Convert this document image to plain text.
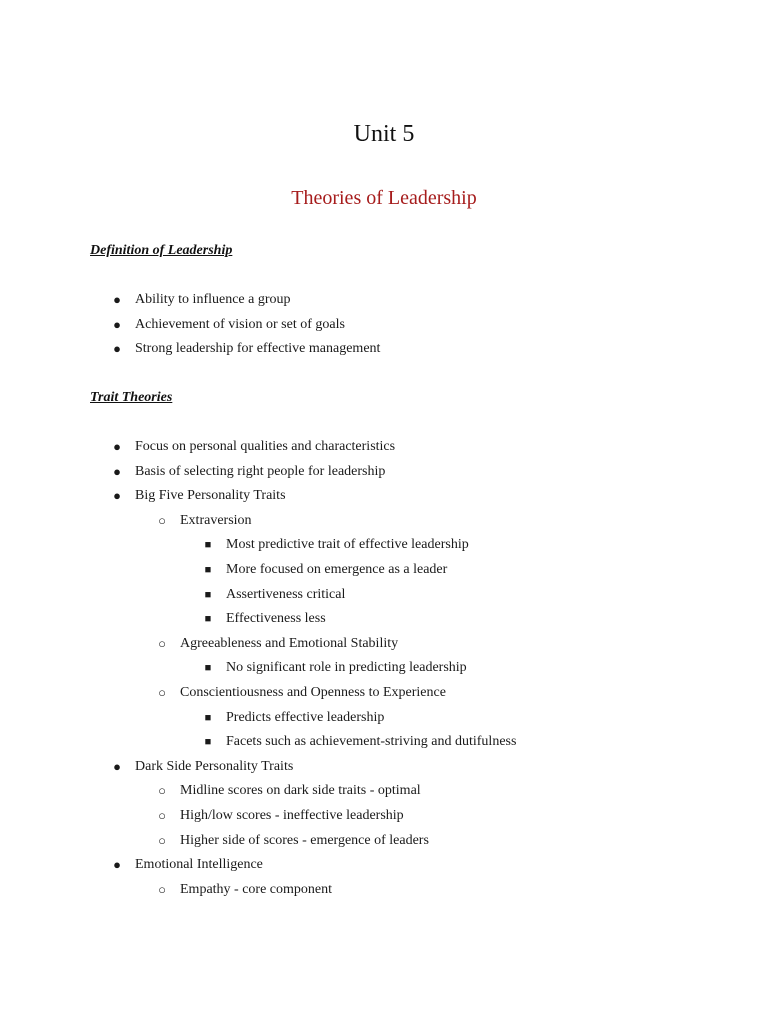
Unit 5
Theories of Leadership
Definition of Leadership
● Ability to influence a group
● Achievement of vision or set of goals
● Strong leadership for effective management
Trait Theories
● Focus on personal qualities and characteristics
● Basis of selecting right people for leadership
● Big Five Personality Traits
○ Extraversion
■ Most predictive trait of effective leadership
■ More focused on emergence as a leader
■ Assertiveness critical
■ Effectiveness less
○ Agreeableness and Emotional Stability
■ No significant role in predicting leadership
○ Conscientiousness and Openness to Experience
■ Predicts effective leadership
■ Facets such as achievement-striving and dutifulness
● Dark Side Personality Traits
○ Midline scores on dark side traits - optimal
○ High/low scores - ineffective leadership
○ Higher side of scores - emergence of leaders
● Emotional Intelligence
○ Empathy - core component
